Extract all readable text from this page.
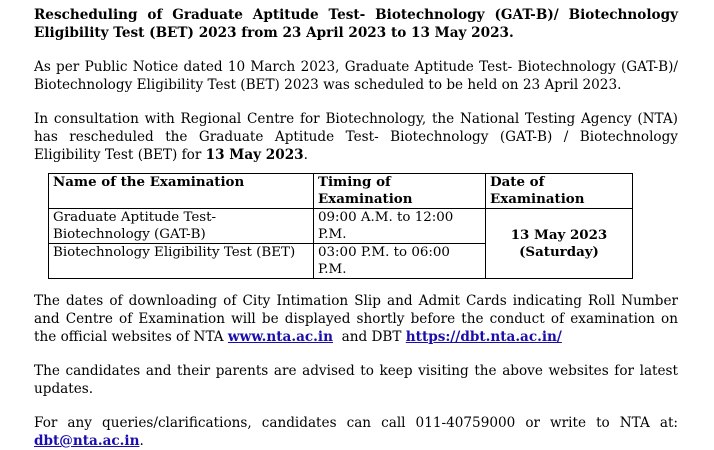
Rescheduling of Graduate Aptitude Test- Biotechnology (GAT-B)/ Biotechnology Eligibility Test (BET) 2023 from 23 April 2023 to 13 May 2023.

As per Public Notice dated 10 March 2023, Graduate Aptitude Test- Biotechnology (GAT-B)/ Biotechnology Eligibility Test (BET) 2023 was scheduled to be held on 23 April 2023.

In consultation with Regional Centre for Biotechnology, the National Testing Agency (NTA) has rescheduled the Graduate Aptitude Test- Biotechnology (GAT-B) / Biotechnology Eligibility Test (BET) for 13 May 2023.

Name of the Examination	Timing of Examination	Date of Examination
Graduate Aptitude Test- Biotechnology (GAT-B)	09:00 A.M. to 12:00 P.M.	13 May 2023
(Saturday)

Biotechnology Eligibility Test (BET)	03:00 P.M. to 06:00 P.M.	

The dates of downloading of City Intimation Slip and Admit Cards indicating Roll Number and Centre of Examination will be displayed shortly before the conduct of examination on the official websites of NTA www.nta.ac.in  and DBT https://dbt.nta.ac.in/

The candidates and their parents are advised to keep visiting the above websites for latest updates.

For any queries/clarifications, candidates can call 011-40759000 or write to NTA at: dbt@nta.ac.in.
